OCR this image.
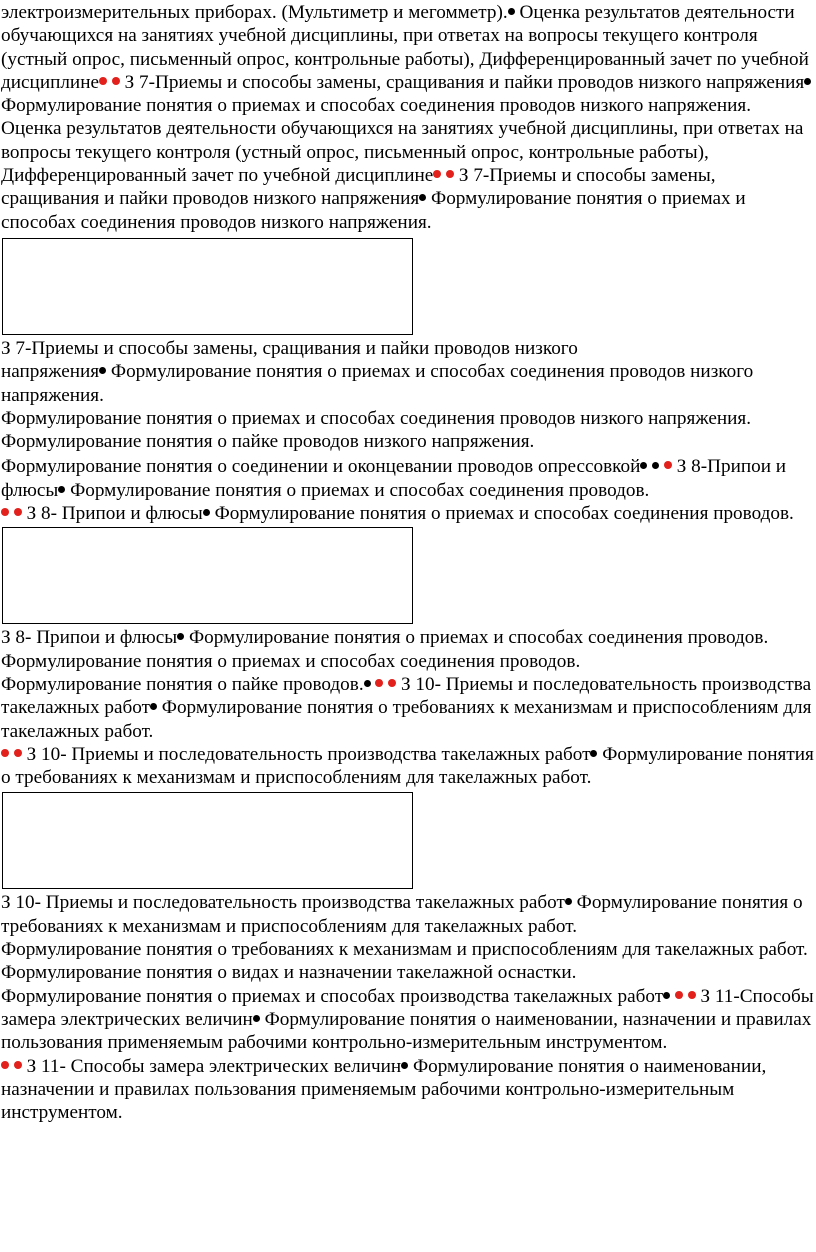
электроизмерительных приборах. (Мультиметр и мегомметр). Оценка результатов деятельности обучающихся на занятиях учебной дисциплины, при ответах на вопросы текущего контроля (устный опрос, письменный опрос, контрольные работы), Дифференцированный зачет по учебной дисциплине  З 7-Приемы и способы замены, сращивания и пайки проводов низкого напряжения Формулирование понятия о приемах и способах соединения проводов низкого напряжения.

Оценка результатов деятельности обучающихся на занятиях учебной дисциплины, при ответах на вопросы текущего контроля (устный опрос, письменный опрос, контрольные работы), Дифференцированный зачет по учебной дисциплине  З 7-Приемы и способы замены, сращивания и пайки проводов низкого напряжения Формулирование понятия о приемах и способах соединения проводов низкого напряжения.

З 7-Приемы и способы замены, сращивания и пайки проводов низкого
напряжения Формулирование понятия о приемах и способах соединения проводов низкого напряжения.

Формулирование понятия о приемах и способах соединения проводов низкого напряжения.

Формулирование понятия о пайке проводов низкого напряжения.

Формулирование понятия о соединении и оконцевании проводов опрессовкой   З 8-Припои и флюсы Формулирование понятия о приемах и способах соединения проводов.

З 8- Припои и флюсы Формулирование понятия о приемах и способах соединения проводов.

З 8- Припои и флюсы Формулирование понятия о приемах и способах соединения проводов.

Формулирование понятия о приемах и способах соединения проводов.

Формулирование понятия о пайке проводов.   З 10- Приемы и последовательность производства такелажных работ Формулирование понятия о требованиях к механизмам и приспособлениям для такелажных работ.

З 10- Приемы и последовательность производства такелажных работ Формулирование понятия о требованиях к механизмам и приспособлениям для такелажных работ.

З 10- Приемы и последовательность производства такелажных работ Формулирование понятия о требованиях к механизмам и приспособлениям для такелажных работ.

Формулирование понятия о требованиях к механизмам и приспособлениям для такелажных работ.

Формулирование понятия о видах и назначении такелажной оснастки.

Формулирование понятия о приемах и способах производства такелажных работ   З 11-Способы замера электрических величин Формулирование понятия о наименовании, назначении и правилах пользования применяемым рабочими контрольно-измерительным инструментом.

З 11- Способы замера электрических величин Формулирование понятия о наименовании, назначении и правилах пользования применяемым рабочими контрольно-измерительным инструментом.
